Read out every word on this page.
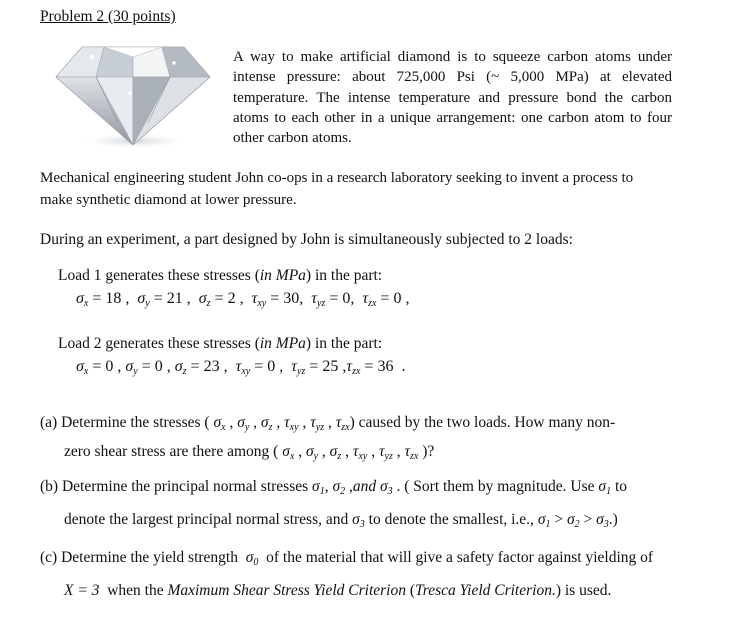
Problem 2 (30 points)
A way to make artificial diamond is to squeeze carbon atoms under
intense pressure: about 725,000 Psi (~ 5,000 MPa) at elevated
temperature. The intense temperature and pressure bond the carbon
atoms to each other in a unique arrangement: one carbon atom to four
other carbon atoms.
Mechanical engineering student John co-ops in a research laboratory seeking to invent a process to
make synthetic diamond at lower pressure.
During an experiment, a part designed by John is simultaneously subjected to 2 loads:
Load 1 generates these stresses (in MPa) in the part:
$\sigma_x = 18$ ,  $\sigma_y = 21$ ,  $\sigma_z = 2$ ,  $\tau_{xy} = 30$,  $\tau_{yz} = 0$,  $\tau_{zx} = 0$ ,
Load 2 generates these stresses (in MPa) in the part:
$\sigma_x = 0$ , $\sigma_y = 0$ , $\sigma_z = 23$ ,  $\tau_{xy} = 0$ ,  $\tau_{yz} = 25$ $,\tau_{zx} = 36$  .
(a) Determine the stresses ( $\sigma_x$ , $\sigma_y$ , $\sigma_z$ , $\tau_{xy}$ , $\tau_{yz}$ , $\tau_{zx}$) caused by the two loads. How many non-
zero shear stress are there among ( $\sigma_x$ , $\sigma_y$ , $\sigma_z$ , $\tau_{xy}$ , $\tau_{yz}$ , $\tau_{zx}$ )?
(b) Determine the principal normal stresses $\sigma_1$, $\sigma_2$ ,and $\sigma_3$ . ( Sort them by magnitude. Use $\sigma_1$ to
denote the largest principal normal stress, and $\sigma_3$ to denote the smallest, i.e., $\sigma_1 > \sigma_2 > \sigma_3$.)
(c) Determine the yield strength $\sigma_0$ of the material that will give a safety factor against yielding of
X = 3 when the Maximum Shear Stress Yield Criterion (Tresca Yield Criterion.) is used.
